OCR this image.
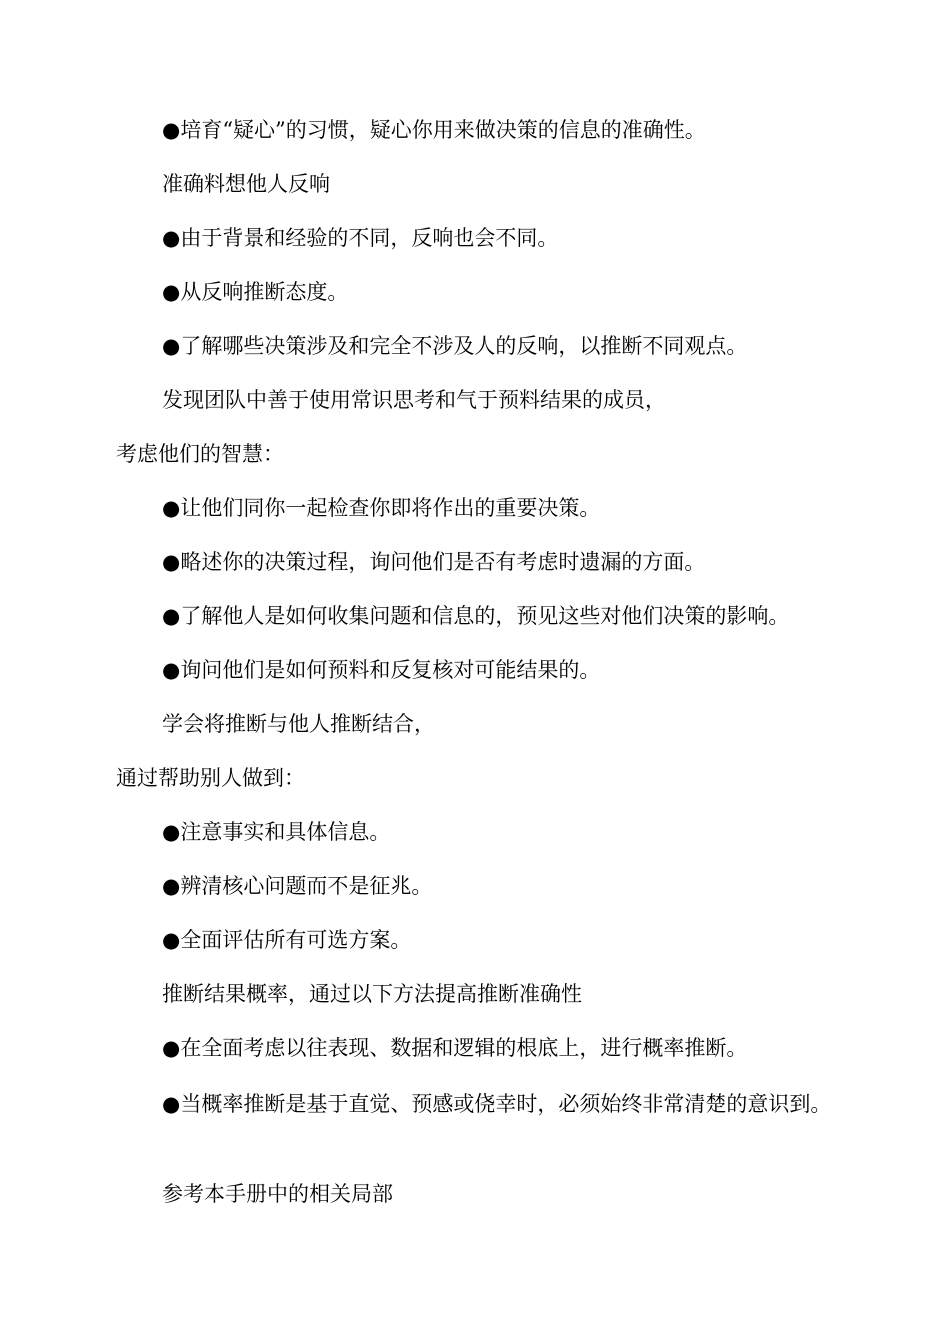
●培育“疑心”的习惯，疑心你用来做决策的信息的准确性。
准确料想他人反响
●由于背景和经验的不同，反响也会不同。
●从反响推断态度。
●了解哪些决策涉及和完全不涉及人的反响，以推断不同观点。
发现团队中善于使用常识思考和气于预料结果的成员，
考虑他们的智慧：
●让他们同你一起检查你即将作出的重要决策。
●略述你的决策过程，询问他们是否有考虑时遗漏的方面。
●了解他人是如何收集问题和信息的，预见这些对他们决策的影响。
●询问他们是如何预料和反复核对可能结果的。
学会将推断与他人推断结合，
通过帮助别人做到：
●注意事实和具体信息。
●辨清核心问题而不是征兆。
●全面评估所有可选方案。
推断结果概率，通过以下方法提高推断准确性
●在全面考虑以往表现、数据和逻辑的根底上，进行概率推断。
●当概率推断是基于直觉、预感或侥幸时，必须始终非常清楚的意识到。
参考本手册中的相关局部
